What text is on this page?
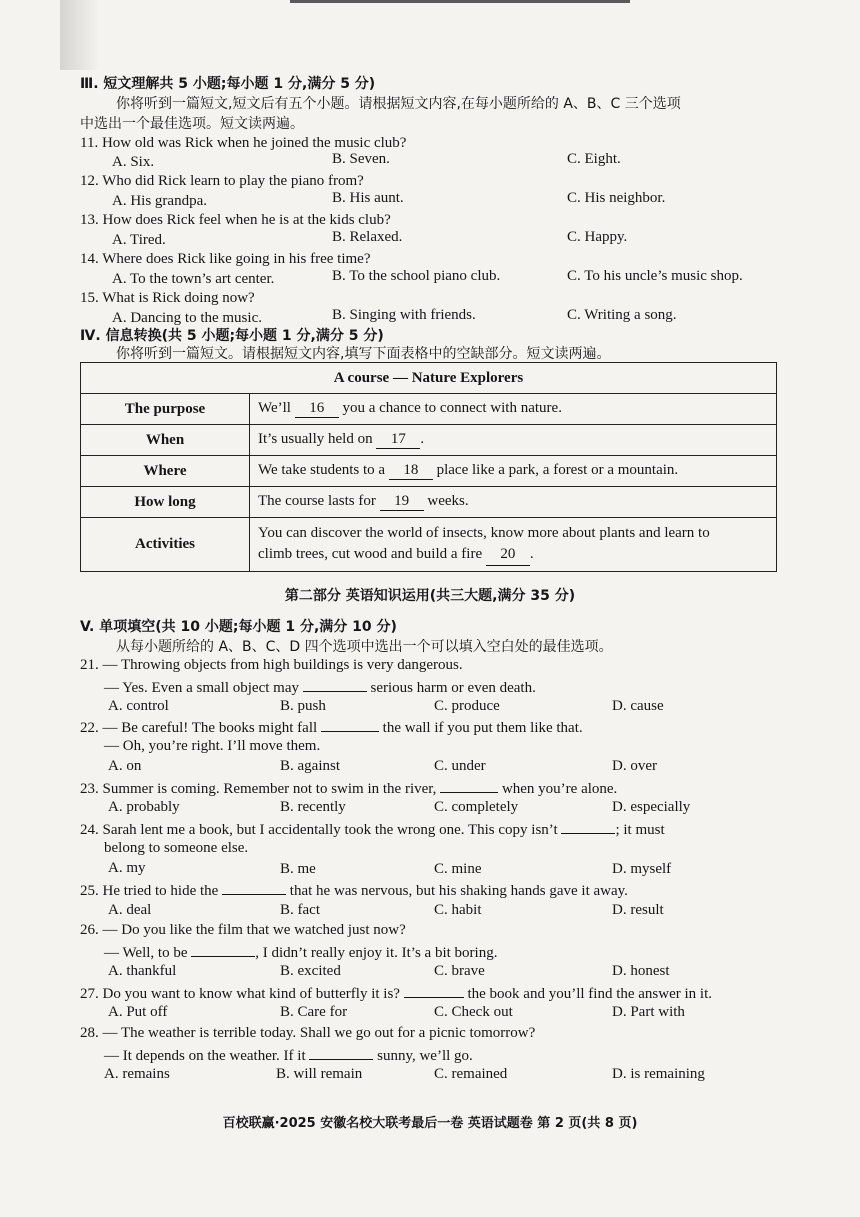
Ⅲ. 短文理解共 5 小题;每小题 1 分,满分 5 分)
你将听到一篇短文,短文后有五个小题。请根据短文内容,在每小题所给的 A、B、C 三个选项
中选出一个最佳选项。短文读两遍。
11. How old was Rick when he joined the music club?
A. Six.	B. Seven.	C. Eight.
12. Who did Rick learn to play the piano from?
A. His grandpa.	B. His aunt.	C. His neighbor.
13. How does Rick feel when he is at the kids club?
A. Tired.	B. Relaxed.	C. Happy.
14. Where does Rick like going in his free time?
A. To the town’s art center.	B. To the school piano club.	C. To his uncle’s music shop.
15. What is Rick doing now?
A. Dancing to the music.	B. Singing with friends.	C. Writing a song.
Ⅳ. 信息转换(共 5 小题;每小题 1 分,满分 5 分)
你将听到一篇短文。请根据短文内容,填写下面表格中的空缺部分。短文读两遍。
A course — Nature Explorers	
The purpose	We’ll 16 you a chance to connect with nature.
When	It’s usually held on 17 .
Where	We take students to a 18 place like a park, a forest or a mountain.
How long	The course lasts for 19 weeks.
Activities	You can discover the world of insects, know more about plants and learn to
climb trees, cut wood and build a fire 20 .
第二部分 英语知识运用(共三大题,满分 35 分)
V. 单项填空(共 10 小题;每小题 1 分,满分 10 分)
从每小题所给的 A、B、C、D 四个选项中选出一个可以填入空白处的最佳选项。
21. — Throwing objects from high buildings is very dangerous.
— Yes. Even a small object may	serious harm or even death.
A. control	B. push	C. produce	D. cause
22. — Be careful! The books might fall	the wall if you put them like that.
— Oh, you’re right. I’ll move them.
A. on	B. against	C. under	D. over
23. Summer is coming. Remember not to swim in the river,	when you’re alone.
A. probably	B. recently	C. completely	D. especially
24. Sarah lent me a book, but I accidentally took the wrong one. This copy isn’t	; it must
belong to someone else.
A. my	B. me	C. mine	D. myself
25. He tried to hide the	that he was nervous, but his shaking hands gave it away.
A. deal	B. fact	C. habit	D. result
26. — Do you like the film that we watched just now?
— Well, to be	, I didn’t really enjoy it. It’s a bit boring.
A. thankful	B. excited	C. brave	D. honest
27. Do you want to know what kind of butterfly it is?	the book and you’ll find the answer in it.
A. Put off	B. Care for	C. Check out	D. Part with
28. — The weather is terrible today. Shall we go out for a picnic tomorrow?
— It depends on the weather. If it	sunny, we’ll go.
A. remains	B. will remain	C. remained	D. is remaining
百校联赢·2025 安徽名校大联考最后一卷 英语试题卷 第 2 页(共 8 页)
